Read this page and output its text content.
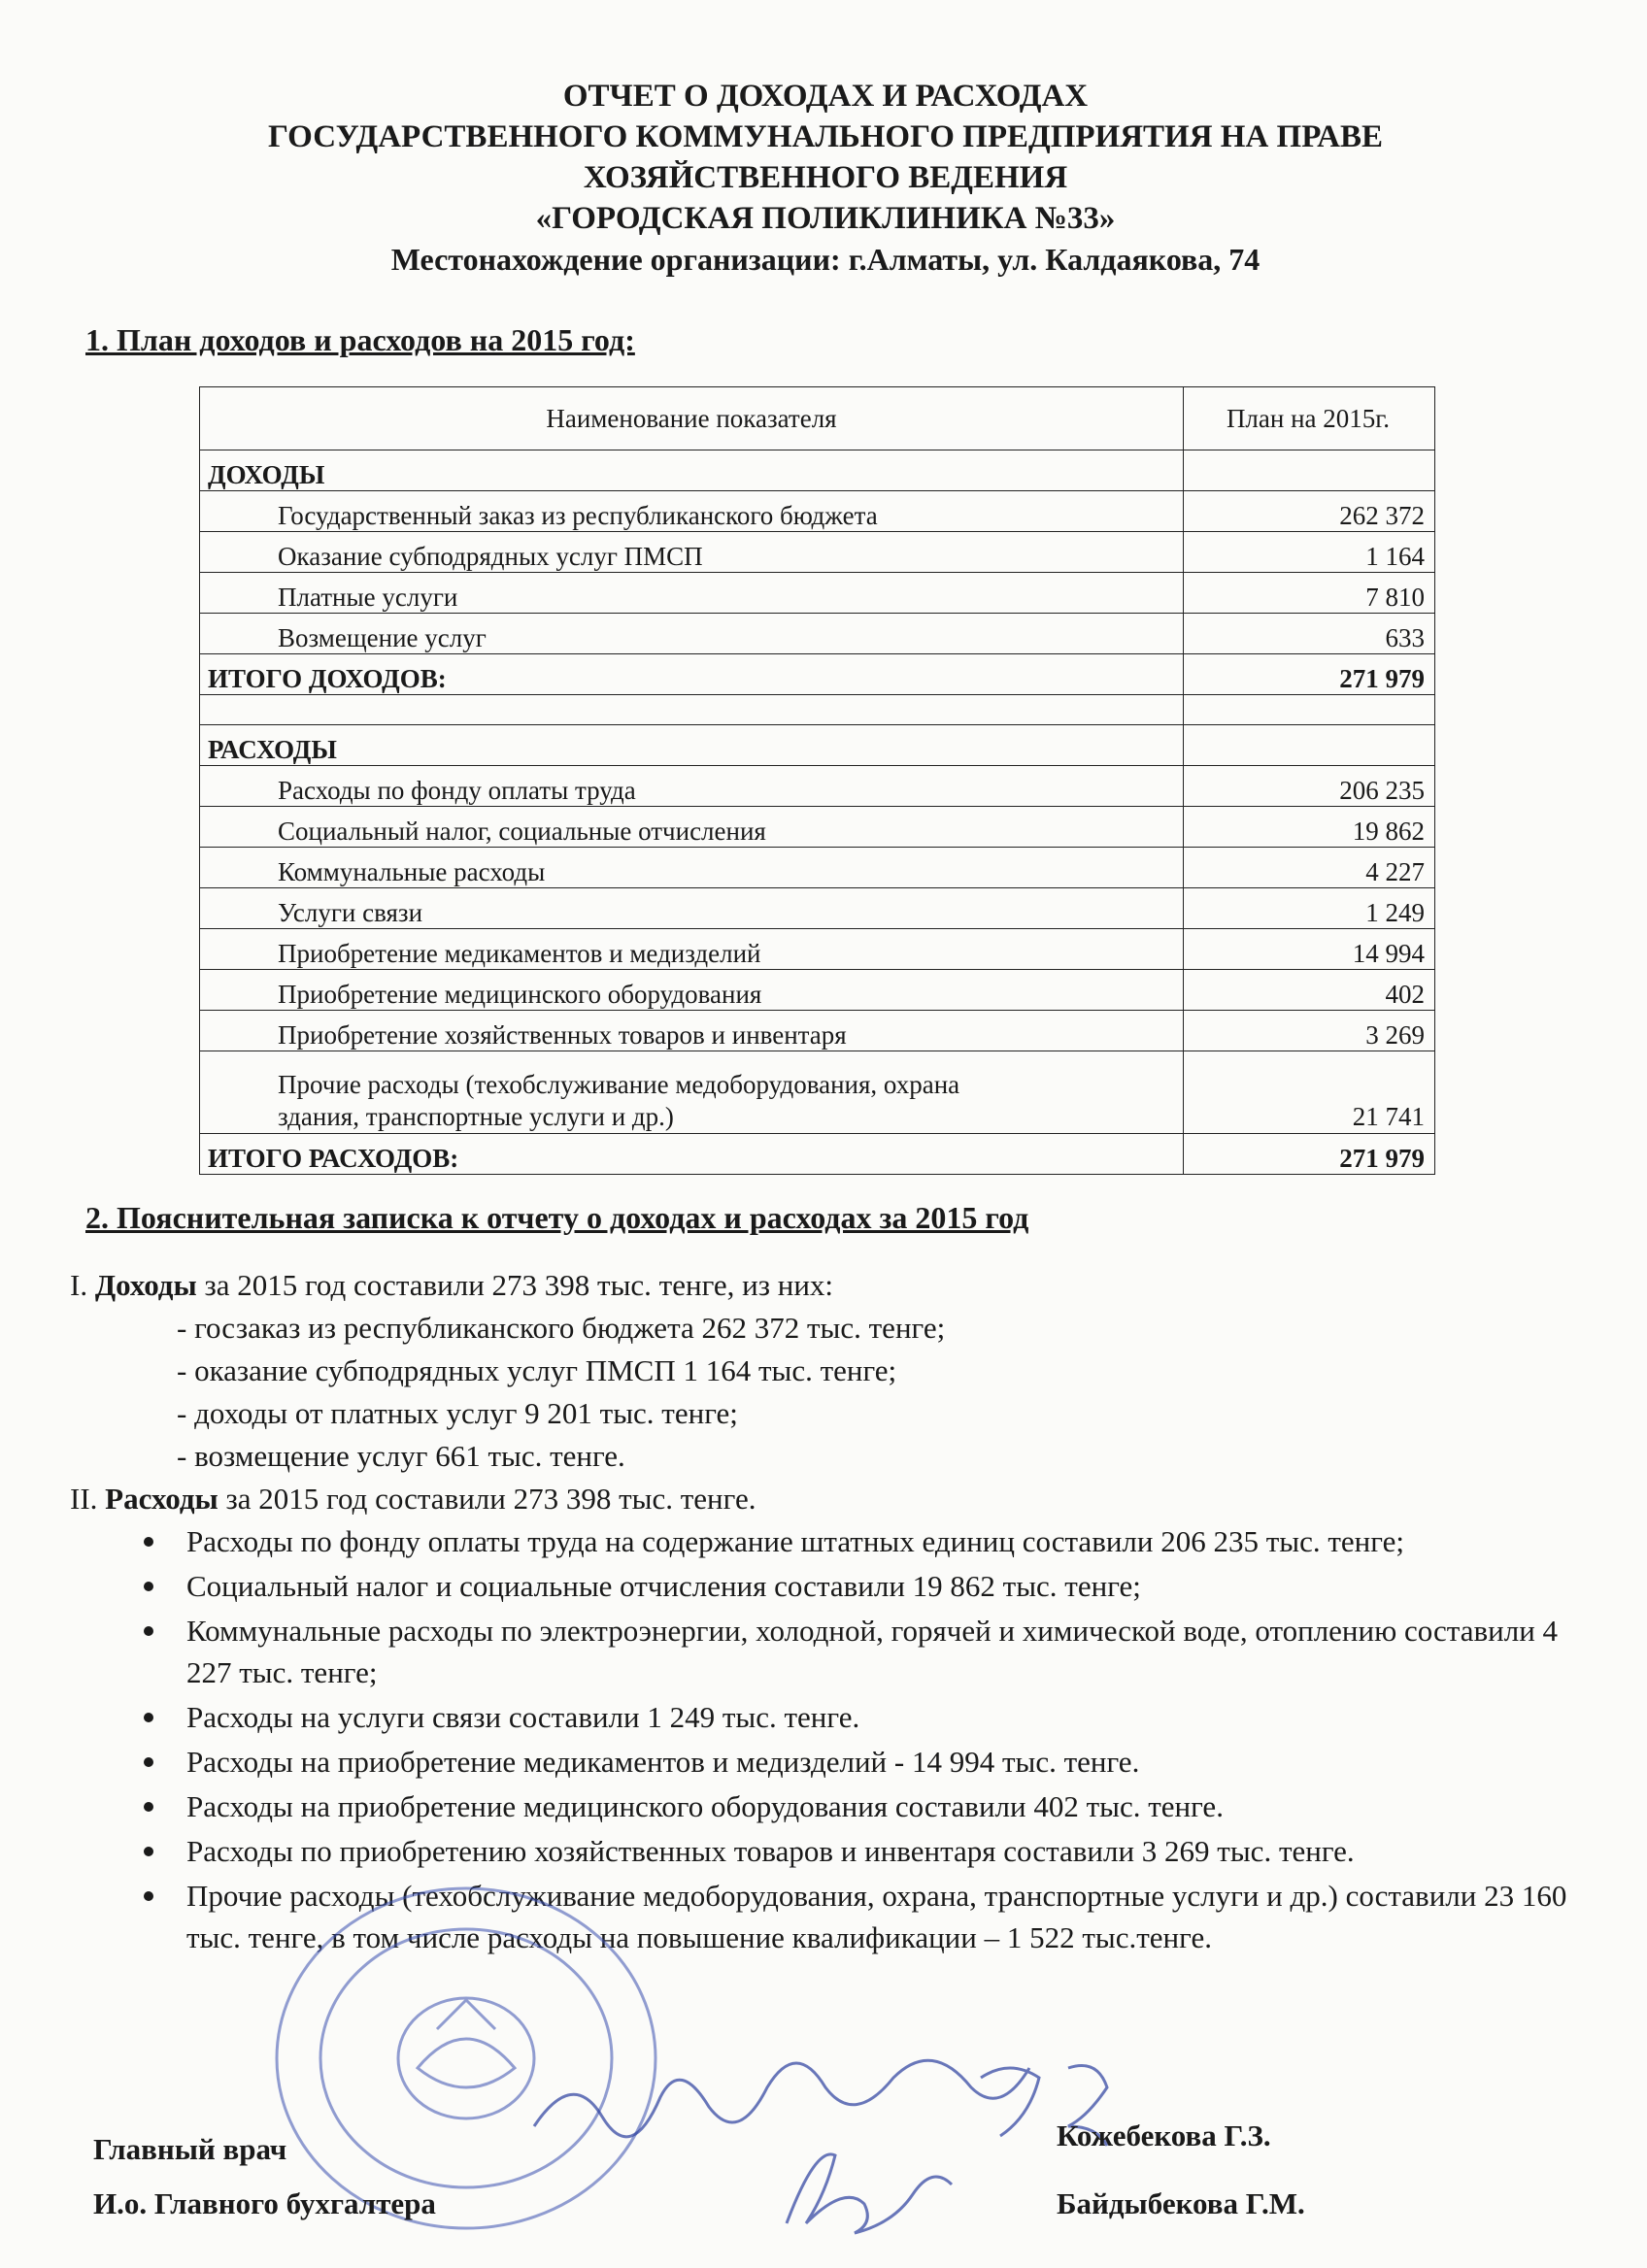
ОТЧЕТ О ДОХОДАХ И РАСХОДАХ
ГОСУДАРСТВЕННОГО КОММУНАЛЬНОГО ПРЕДПРИЯТИЯ НА ПРАВЕ
ХОЗЯЙСТВЕННОГО ВЕДЕНИЯ
«ГОРОДСКАЯ ПОЛИКЛИНИКА №33»
Местонахождение организации: г.Алматы, ул. Калдаякова, 74
1. План доходов и расходов на 2015 год:
Наименование показателя	План на 2015г.
ДОХОДЫ	
Государственный заказ из республиканского бюджета	262 372
Оказание субподрядных услуг ПМСП	1 164
Платные услуги	7 810
Возмещение услуг	633
ИТОГО ДОХОДОВ:	271 979

РАСХОДЫ	
Расходы по фонду оплаты труда	206 235
Социальный налог, социальные отчисления	19 862
Коммунальные расходы	4 227
Услуги связи	1 249
Приобретение медикаментов и медизделий	14 994
Приобретение медицинского оборудования	402
Приобретение хозяйственных товаров и инвентаря	3 269

Прочие расходы (техобслуживание медоборудования, охрана
здания, транспортные услуги и др.)	21 741
ИТОГО РАСХОДОВ:	271 979
2. Пояснительная записка к отчету о доходах и расходах за 2015 год
I. Доходы за 2015 год составили 273 398 тыс. тенге, из них:
- госзаказ из республиканского бюджета 262 372 тыс. тенге;
- оказание субподрядных услуг ПМСП 1 164 тыс. тенге;
- доходы от платных услуг 9 201 тыс. тенге;
- возмещение услуг 661 тыс. тенге.
II. Расходы за 2015 год составили 273 398 тыс. тенге.
Расходы по фонду оплаты труда на содержание штатных единиц составили 206 235 тыс. тенге;
Социальный налог и социальные отчисления составили 19 862 тыс. тенге;
Коммунальные расходы по электроэнергии, холодной, горячей и химической воде, отоплению составили 4 227 тыс. тенге;
Расходы на услуги связи составили 1 249 тыс. тенге.
Расходы на приобретение медикаментов и медизделий - 14 994 тыс. тенге.
Расходы на приобретение медицинского оборудования составили 402 тыс. тенге.
Расходы по приобретению хозяйственных товаров и инвентаря составили 3 269 тыс. тенге.
Прочие расходы (техобслуживание медоборудования, охрана, транспортные услуги и др.) составили 23 160 тыс. тенге, в том числе расходы на повышение квалификации – 1 522 тыс.тенге.
Главный врач	Кожебекова Г.З.
И.о. Главного бухгалтера	Байдыбекова Г.М.
